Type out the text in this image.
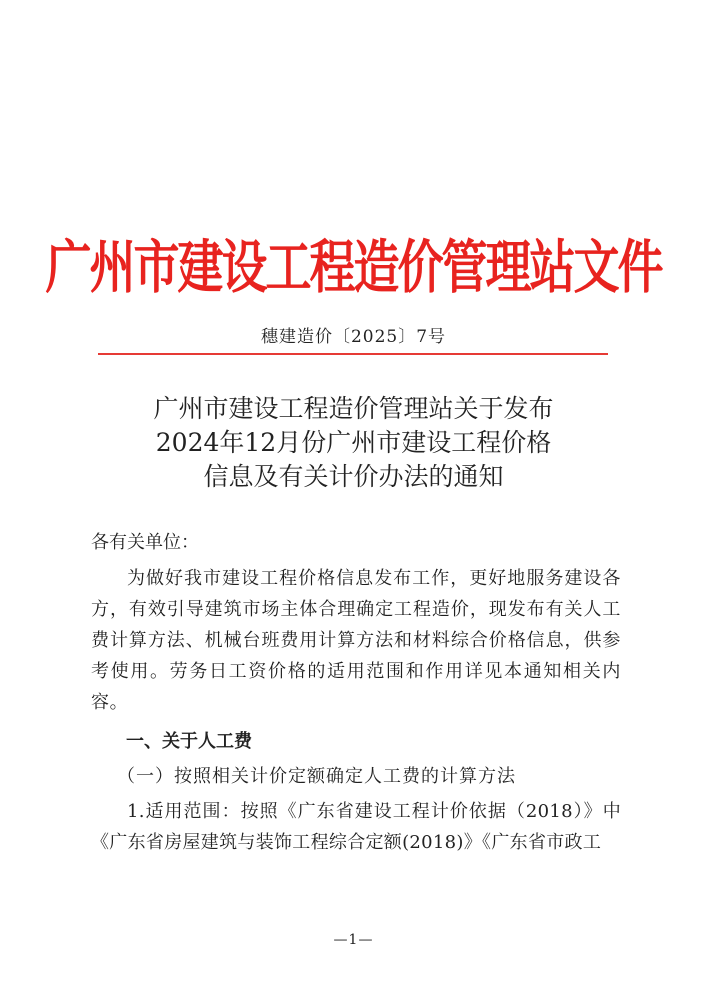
广州市建设工程造价管理站文件
穗建造价〔2025〕7号
广州市建设工程造价管理站关于发布
2024年12月份广州市建设工程价格
信息及有关计价办法的通知
各有关单位：
为做好我市建设工程价格信息发布工作，更好地服务建设各方，有效引导建筑市场主体合理确定工程造价，现发布有关人工费计算方法、机械台班费用计算方法和材料综合价格信息，供参考使用。劳务日工资价格的适用范围和作用详见本通知相关内容。
一、关于人工费
（一）按照相关计价定额确定人工费的计算方法
1.适用范围：按照《广东省建设工程计价依据（2018）》中《广东省房屋建筑与装饰工程综合定额(2018)》《广东省市政工
—1—
